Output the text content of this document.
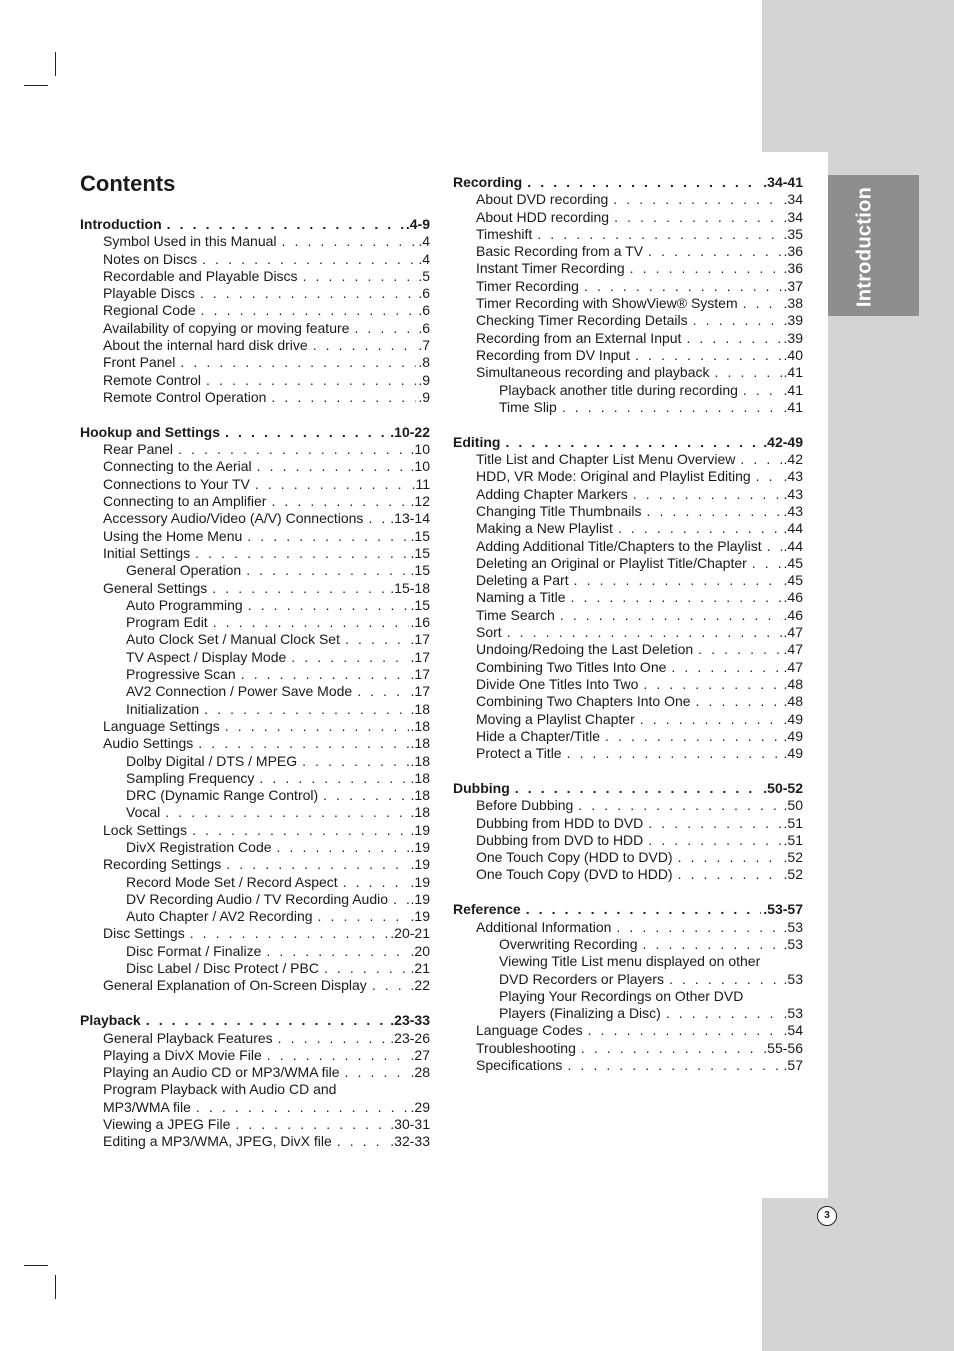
Introduction
3
Contents
Introduction . . .	.4-9
Symbol Used in this Manual . . .	.4
Notes on Discs . . .	.4
Recordable and Playable Discs . . .	.5
Playable Discs . . .	.6
Regional Code . . .	.6
Availability of copying or moving feature . . .	.6
About the internal hard disk drive . . .	.7
Front Panel . . .	.8
Remote Control . . .	.9
Remote Control Operation . . .	.9
Hookup and Settings . . .	.10-22
Rear Panel . . .	.10
Connecting to the Aerial . . .	.10
Connections to Your TV . . .	.11
Connecting to an Amplifier . . .	.12
Accessory Audio/Video (A/V) Connections . . . .13-14
Using the Home Menu . . .	.15
Initial Settings . . .	.15
General Operation . . .	.15
General Settings . . .	.15-18
Auto Programming . . .	.15
Program Edit . . .	.16
Auto Clock Set / Manual Clock Set . . .	.17
TV Aspect / Display Mode . . .	.17
Progressive Scan . . .	.17
AV2 Connection / Power Save Mode . . .	.17
Initialization . . .	.18
Language Settings . . .	.18
Audio Settings . . .	.18
Dolby Digital / DTS / MPEG . . .	.18
Sampling Frequency . . .	.18
DRC (Dynamic Range Control) . . .	.18
Vocal . . .	.18
Lock Settings . . .	.19
DivX Registration Code . . .	.19
Recording Settings . . .	.19
Record Mode Set / Record Aspect . . .	.19
DV Recording Audio / TV Recording Audio . . . .19
Auto Chapter / AV2 Recording . . .	.19
Disc Settings . . .	.20-21
Disc Format / Finalize . . .	.20
Disc Label / Disc Protect / PBC . . .	.21
General Explanation of On-Screen Display . . .	.22
Playback . . .	.23-33
General Playback Features . . .	.23-26
Playing a DivX Movie File . . .	.27
Playing an Audio CD or MP3/WMA file . . .	.28
Program Playback with Audio CD and
MP3/WMA file . . .	.29
Viewing a JPEG File . . .	.30-31
Editing a MP3/WMA, JPEG, DivX file . . .	.32-33
Recording . . .	.34-41
About DVD recording . . .	.34
About HDD recording . . .	.34
Timeshift . . .	.35
Basic Recording from a TV . . .	.36
Instant Timer Recording . . .	.36
Timer Recording . . .	.37
Timer Recording with ShowView® System . . .	.38
Checking Timer Recording Details . . .	.39
Recording from an External Input . . .	.39
Recording from DV Input . . .	.40
Simultaneous recording and playback . . .	.41
Playback another title during recording . . .	.41
Time Slip . . .	.41
Editing . . .	.42-49
Title List and Chapter List Menu Overview . . .	.42
HDD, VR Mode: Original and Playlist Editing . . . .43
Adding Chapter Markers . . .	.43
Changing Title Thumbnails . . .	.43
Making a New Playlist . . .	.44
Adding Additional Title/Chapters to the Playlist . . . .44
Deleting an Original or Playlist Title/Chapter . . .	.45
Deleting a Part . . .	.45
Naming a Title . . .	.46
Time Search . . .	.46
Sort . . .	.47
Undoing/Redoing the Last Deletion . . .	.47
Combining Two Titles Into One . . .	.47
Divide One Titles Into Two . . .	.48
Combining Two Chapters Into One . . .	.48
Moving a Playlist Chapter . . .	.49
Hide a Chapter/Title . . .	.49
Protect a Title . . .	.49
Dubbing . . .	.50-52
Before Dubbing . . .	.50
Dubbing from HDD to DVD . . .	.51
Dubbing from DVD to HDD . . .	.51
One Touch Copy (HDD to DVD) . . .	.52
One Touch Copy (DVD to HDD) . . .	.52
Reference . . .	.53-57
Additional Information . . .	.53
Overwriting Recording . . .	.53
Viewing Title List menu displayed on other
DVD Recorders or Players . . .	.53
Playing Your Recordings on Other DVD
Players (Finalizing a Disc) . . .	.53
Language Codes . . .	.54
Troubleshooting . . .	.55-56
Specifications . . .	.57
